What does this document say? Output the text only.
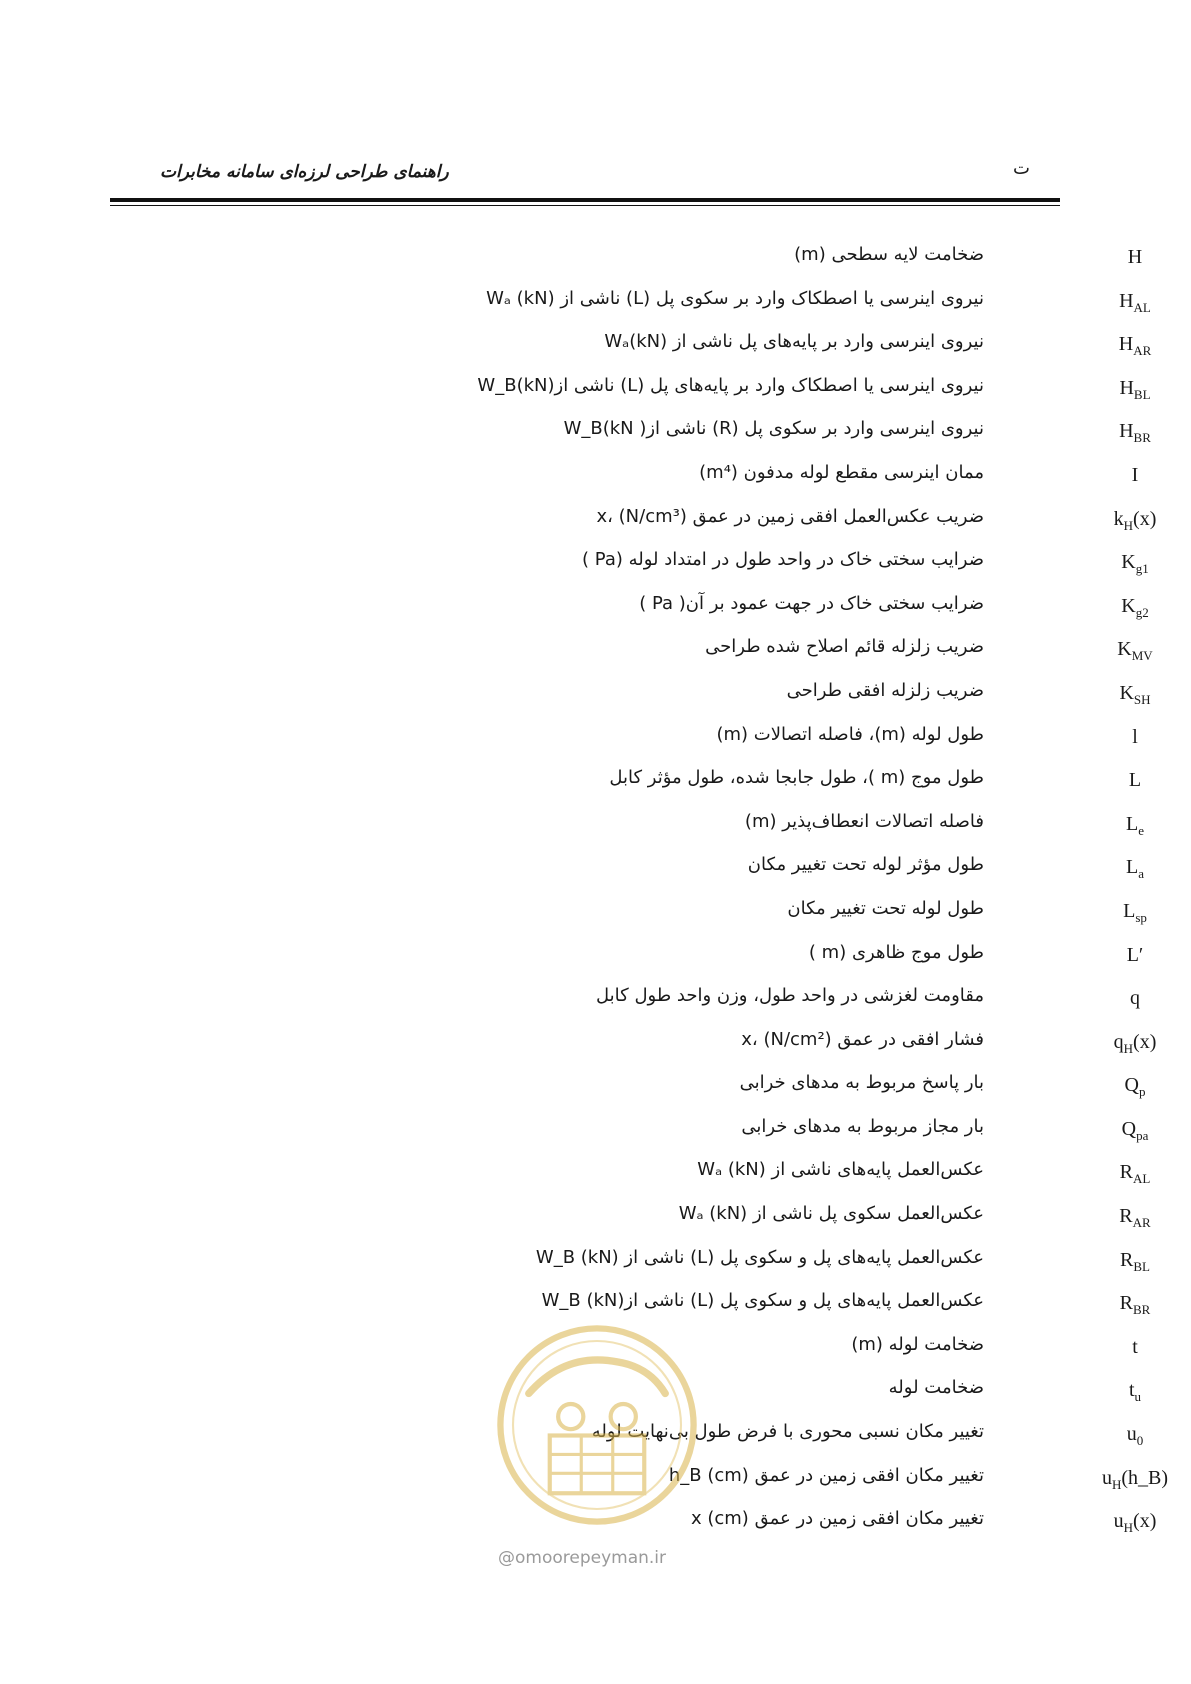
راهنمای طراحی لرزه‌ای سامانه مخابرات	ت
H
ضخامت لایه سطحی (m)
$H_{AL}$
نیروی اینرسی یا اصطکاک وارد بر سکوی پل (L) ناشی از Wₐ (kN)
$H_{AR}$
نیروی اینرسی وارد بر پایه‌های پل ناشی از Wₐ(kN)
$H_{BL}$
نیروی اینرسی یا اصطکاک وارد بر پایه‌های پل (L) ناشی ازW_B(kN)
$H_{BR}$
نیروی اینرسی وارد بر سکوی پل (R) ناشی از( W_B(kN
I
ممان اینرسی مقطع لوله مدفون (m⁴)
$k_H(x)$
ضریب عکس‌العمل افقی زمین در عمق x، (N/cm³)
$K_{g1}$
ضرایب سختی خاک در واحد طول در امتداد لوله (Pa )
$K_{g2}$
ضرایب سختی خاک در جهت عمود بر آن( Pa )
$K_{MV}$
ضریب زلزله قائم اصلاح شده طراحی
$K_{SH}$
ضریب زلزله افقی طراحی
l
طول لوله (m)، فاصله اتصالات (m)
L
طول موج (m )، طول جابجا شده، طول مؤثر کابل
$L_e$
فاصله اتصالات انعطاف‌پذیر (m)
$L_a$
طول مؤثر لوله تحت تغییر مکان
$L_{sp}$
طول لوله تحت تغییر مکان
L′
طول موج ظاهری (m )
q
مقاومت لغزشی در واحد طول، وزن واحد طول کابل
$q_H(x)$
فشار افقی در عمق x، (N/cm²)
$Q_p$
بار پاسخ مربوط به مدهای خرابی
$Q_{pa}$
بار مجاز مربوط به مدهای خرابی
$R_{AL}$
عکس‌العمل پایه‌های ناشی از Wₐ (kN)
$R_{AR}$
عکس‌العمل سکوی پل ناشی از Wₐ (kN)
$R_{BL}$
عکس‌العمل پایه‌های پل و سکوی پل (L) ناشی از W_B (kN)
$R_{BR}$
عکس‌العمل پایه‌های پل و سکوی پل (L) ناشی ازW_B (kN)
t
ضخامت لوله (m)
$t_u$
ضخامت لوله
$u_0$
تغییر مکان نسبی محوری با فرض طول بی‌نهایت لوله
$u_H(h\_B)$
تغییر مکان افقی زمین در عمق h_B (cm)
$u_H(x)$
تغییر مکان افقی زمین در عمق x (cm)
@omoorepeyman.ir
